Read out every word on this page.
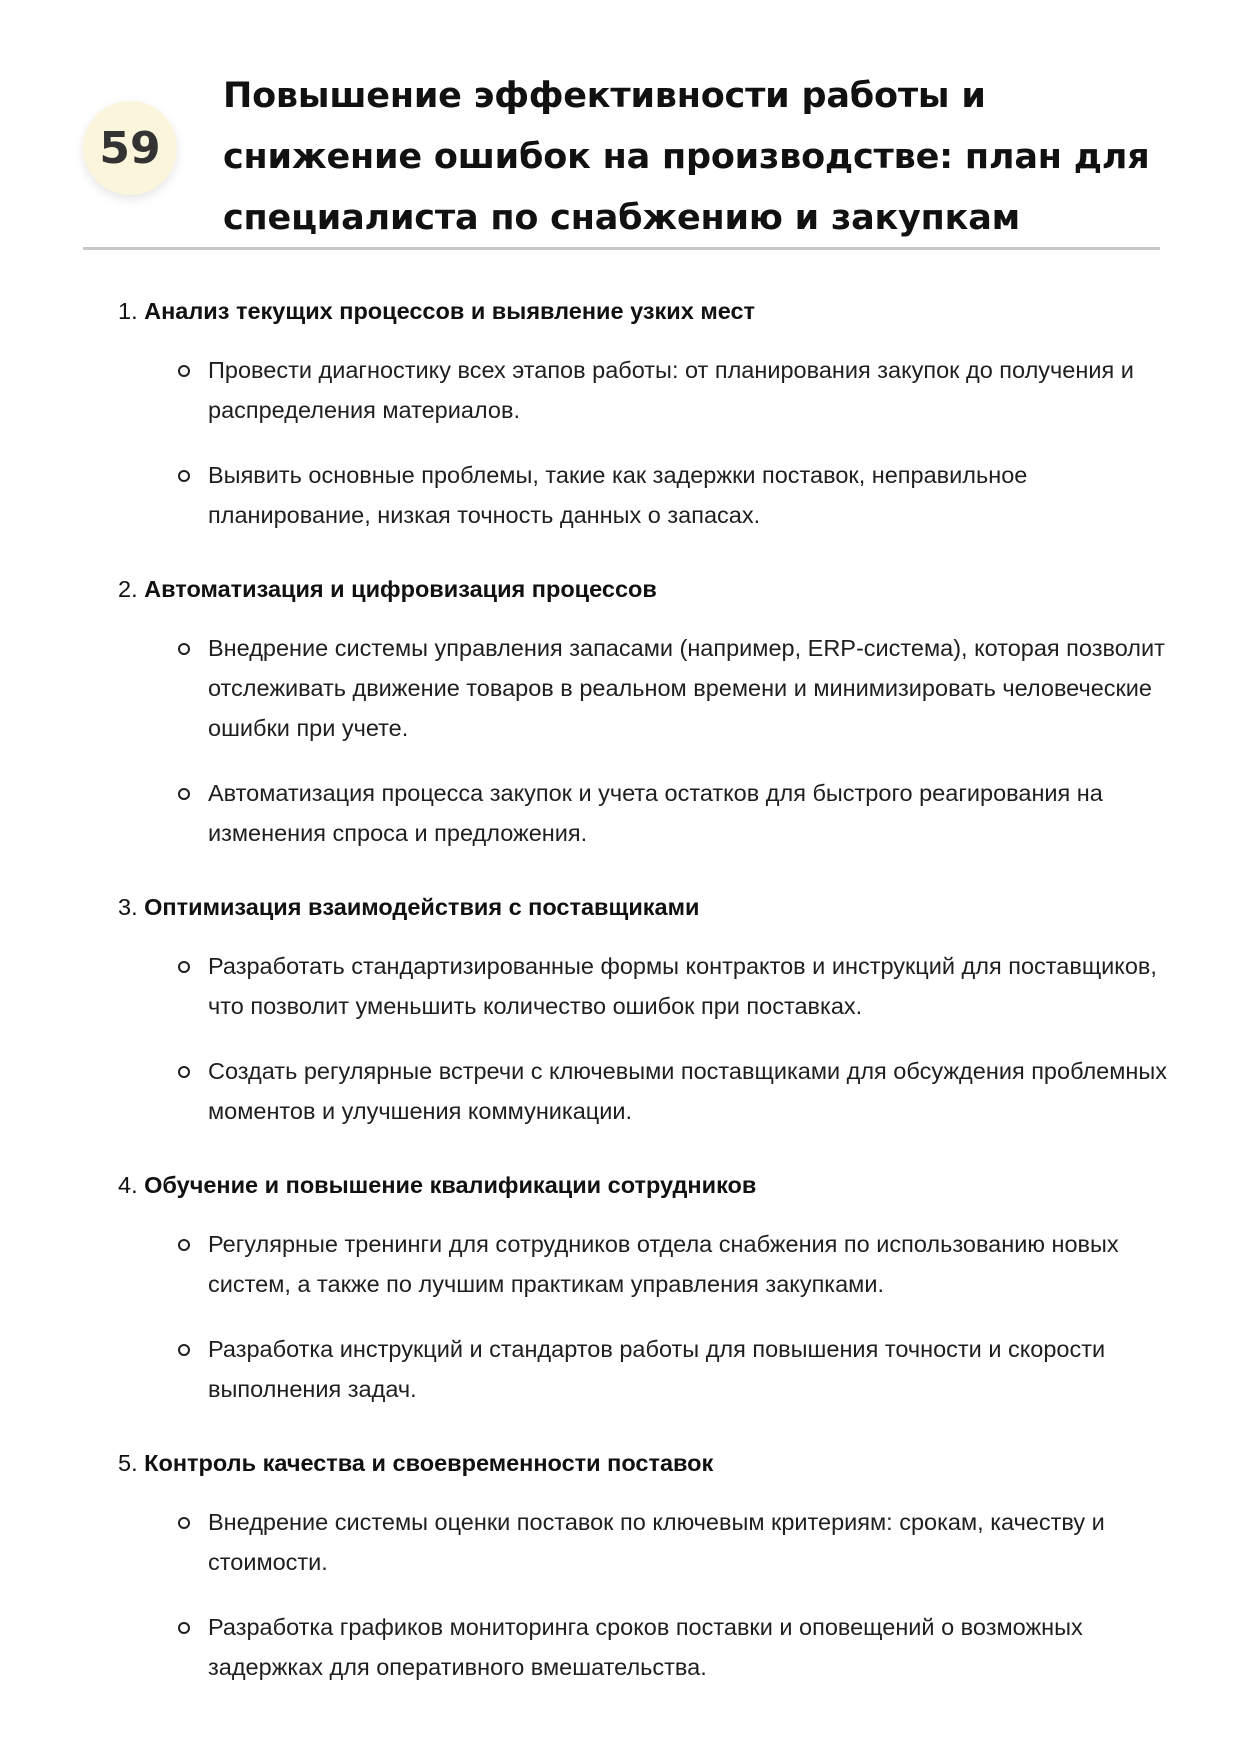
59
Повышение эффективности работы и снижение ошибок на производстве: план для специалиста по снабжению и закупкам

1. Анализ текущих процессов и выявление узких мест

Провести диагностику всех этапов работы: от планирования закупок до получения и распределения материалов.
Выявить основные проблемы, такие как задержки поставок, неправильное планирование, низкая точность данных о запасах.

2. Автоматизация и цифровизация процессов

Внедрение системы управления запасами (например, ERP-система), которая позволит отслеживать движение товаров в реальном времени и минимизировать человеческие ошибки при учете.
Автоматизация процесса закупок и учета остатков для быстрого реагирования на изменения спроса и предложения.

3. Оптимизация взаимодействия с поставщиками

Разработать стандартизированные формы контрактов и инструкций для поставщиков, что позволит уменьшить количество ошибок при поставках.
Создать регулярные встречи с ключевыми поставщиками для обсуждения проблемных моментов и улучшения коммуникации.

4. Обучение и повышение квалификации сотрудников

Регулярные тренинги для сотрудников отдела снабжения по использованию новых систем, а также по лучшим практикам управления закупками.
Разработка инструкций и стандартов работы для повышения точности и скорости выполнения задач.

5. Контроль качества и своевременности поставок

Внедрение системы оценки поставок по ключевым критериям: срокам, качеству и стоимости.
Разработка графиков мониторинга сроков поставки и оповещений о возможных задержках для оперативного вмешательства.
